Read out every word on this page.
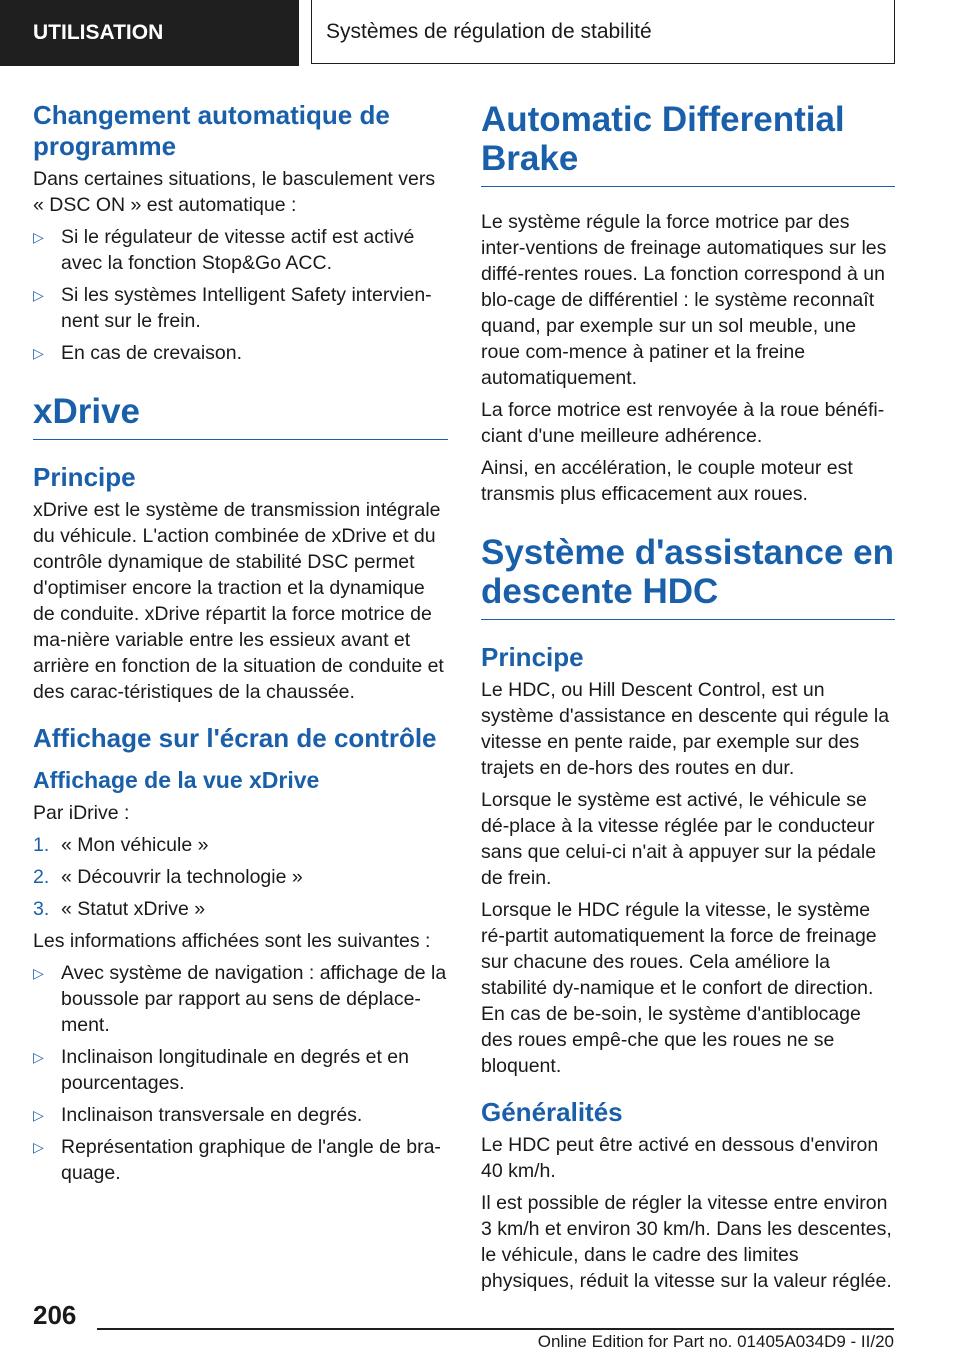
UTILISATION	Systèmes de régulation de stabilité
Changement automatique de programme

Dans certaines situations, le basculement vers « DSC ON » est automatique :

▷ Si le régulateur de vitesse actif est activé avec la fonction Stop&Go ACC.
▷ Si les systèmes Intelligent Safety intervien-nent sur le frein.
▷ En cas de crevaison.
xDrive
Principe

xDrive est le système de transmission intégrale du véhicule. L'action combinée de xDrive et du contrôle dynamique de stabilité DSC permet d'optimiser encore la traction et la dynamique de conduite. xDrive répartit la force motrice de ma-nière variable entre les essieux avant et arrière en fonction de la situation de conduite et des carac-téristiques de la chaussée.

Affichage sur l'écran de contrôle
Affichage de la vue xDrive

Par iDrive :

1. « Mon véhicule »
2. « Découvrir la technologie »
3. « Statut xDrive »

Les informations affichées sont les suivantes :

▷ Avec système de navigation : affichage de la boussole par rapport au sens de déplace-ment.
▷ Inclinaison longitudinale en degrés et en pourcentages.
▷ Inclinaison transversale en degrés.
▷ Représentation graphique de l'angle de bra-quage.
Automatic Differential Brake

Le système régule la force motrice par des inter-ventions de freinage automatiques sur les diffé-rentes roues. La fonction correspond à un blo-cage de différentiel : le système reconnaît quand, par exemple sur un sol meuble, une roue com-mence à patiner et la freine automatiquement.

La force motrice est renvoyée à la roue bénéfi-ciant d'une meilleure adhérence.

Ainsi, en accélération, le couple moteur est transmis plus efficacement aux roues.

Système d'assistance en descente HDC
Principe

Le HDC, ou Hill Descent Control, est un système d'assistance en descente qui régule la vitesse en pente raide, par exemple sur des trajets en de-hors des routes en dur.

Lorsque le système est activé, le véhicule se dé-place à la vitesse réglée par le conducteur sans que celui-ci n'ait à appuyer sur la pédale de frein.

Lorsque le HDC régule la vitesse, le système ré-partit automatiquement la force de freinage sur chacune des roues. Cela améliore la stabilité dy-namique et le confort de direction. En cas de be-soin, le système d'antiblocage des roues empê-che que les roues ne se bloquent.

Généralités

Le HDC peut être activé en dessous d'environ 40 km/h.

Il est possible de régler la vitesse entre environ 3 km/h et environ 30 km/h. Dans les descentes, le véhicule, dans le cadre des limites physiques, réduit la vitesse sur la valeur réglée.

206
Online Edition for Part no. 01405A034D9 - II/20
